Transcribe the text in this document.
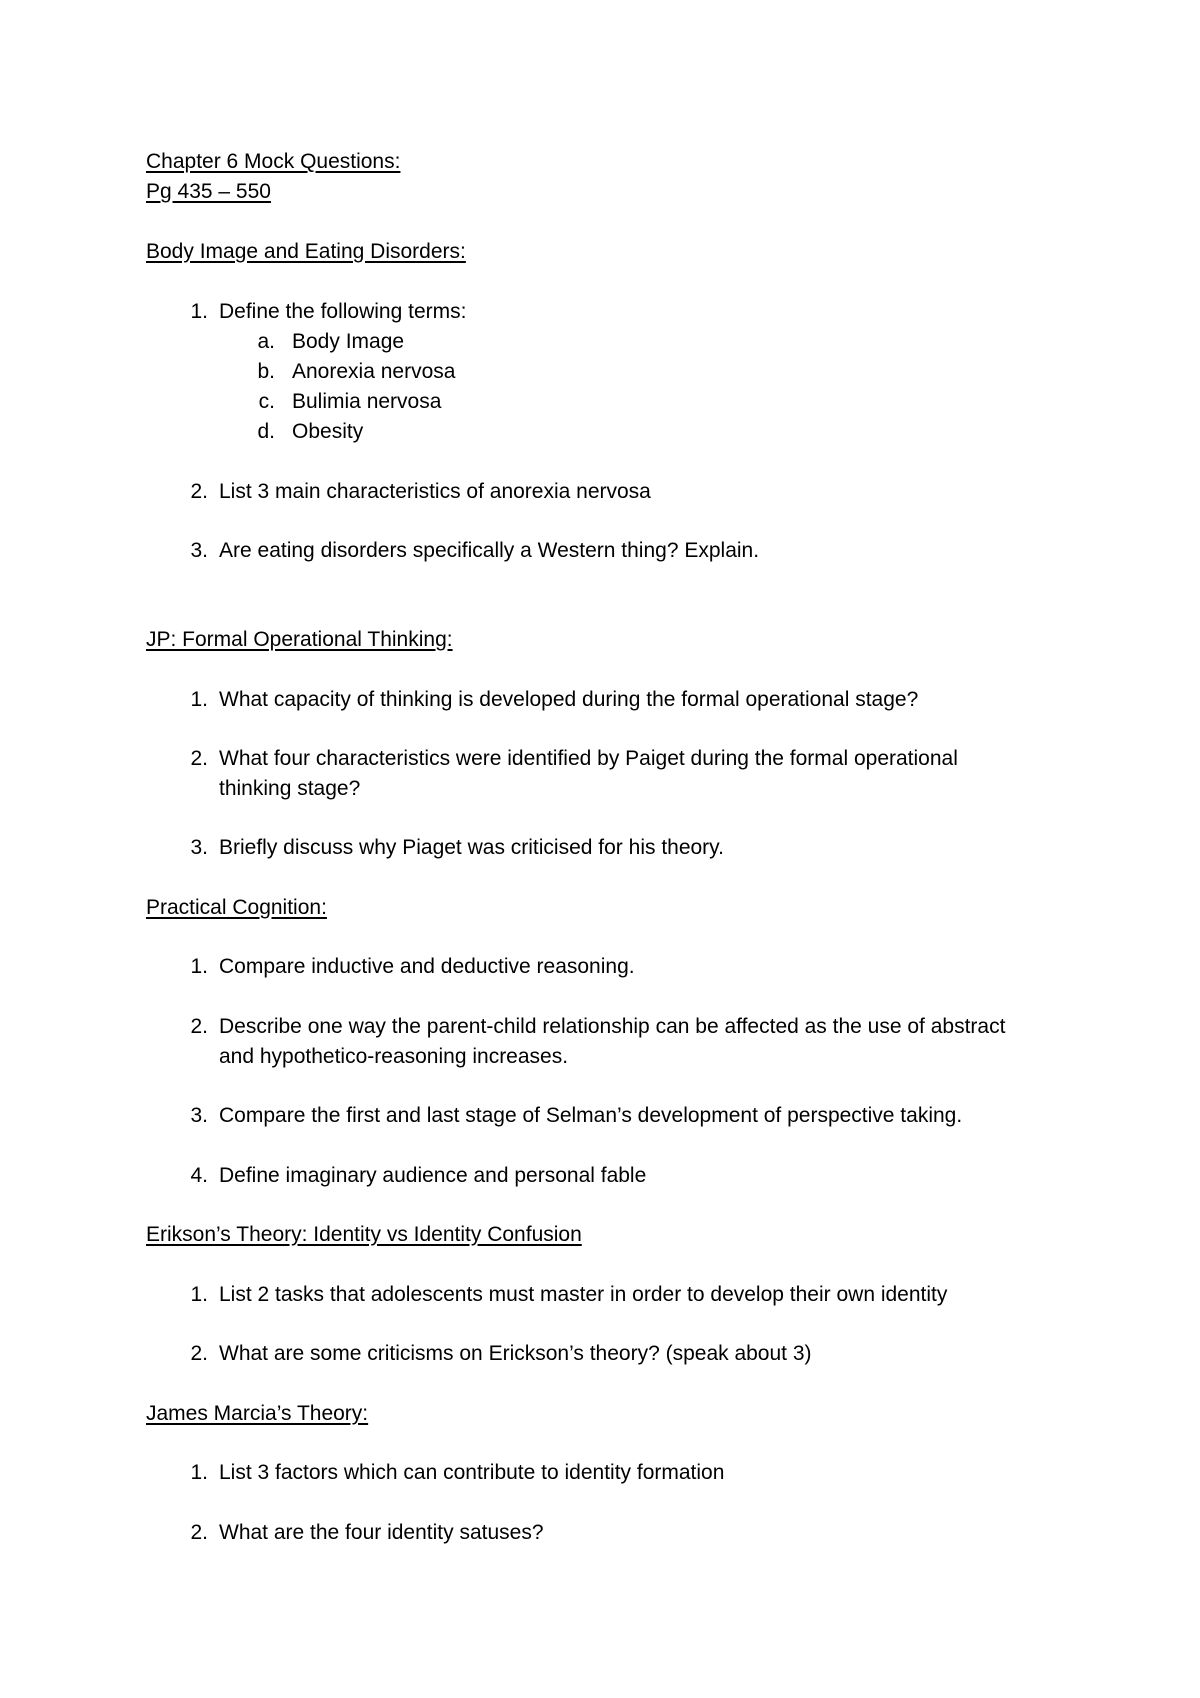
Chapter 6 Mock Questions:
Pg 435 – 550
Body Image and Eating Disorders:
1. Define the following terms:
a. Body Image
b. Anorexia nervosa
c. Bulimia nervosa
d. Obesity
2. List 3 main characteristics of anorexia nervosa
3. Are eating disorders specifically a Western thing? Explain.
JP: Formal Operational Thinking:
1. What capacity of thinking is developed during the formal operational stage?
2. What four characteristics were identified by Paiget during the formal operational
thinking stage?
3. Briefly discuss why Piaget was criticised for his theory.
Practical Cognition:
1. Compare inductive and deductive reasoning.
2. Describe one way the parent-child relationship can be affected as the use of abstract
and hypothetico-reasoning increases.
3. Compare the first and last stage of Selman’s development of perspective taking.
4. Define imaginary audience and personal fable
Erikson’s Theory: Identity vs Identity Confusion
1. List 2 tasks that adolescents must master in order to develop their own identity
2. What are some criticisms on Erickson’s theory? (speak about 3)
James Marcia’s Theory:
1. List 3 factors which can contribute to identity formation
2. What are the four identity satuses?
